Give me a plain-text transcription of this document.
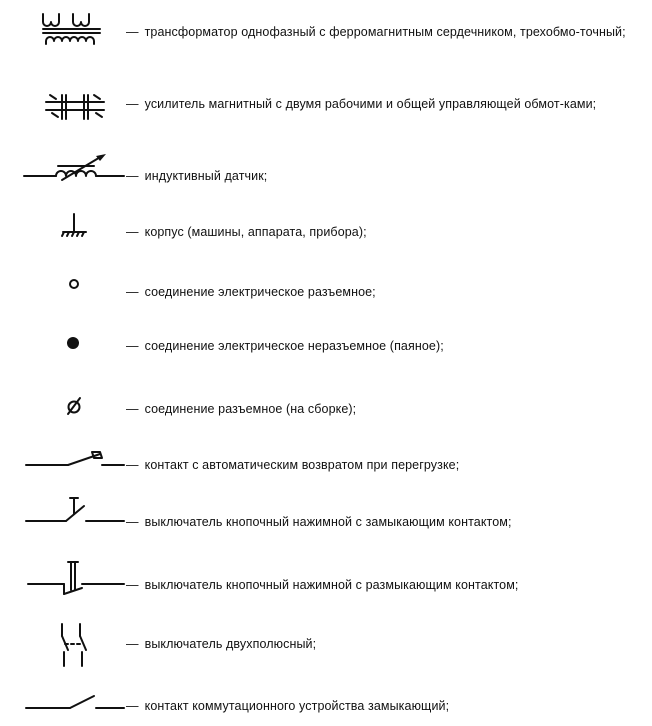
— трансформатор однофазный с ферромагнитным сердечником, трехобмо-точный;
— усилитель магнитный с двумя рабочими и общей управляющей обмот-ками;
— индуктивный датчик;
— корпус (машины, аппарата, прибора);
— соединение электрическое разъемное;
— соединение электрическое неразъемное (паяное);
— соединение разъемное (на сборке);
— контакт с автоматическим возвратом при перегрузке;
— выключатель кнопочный нажимной с замыкающим контактом;
— выключатель кнопочный нажимной с размыкающим контактом;
— выключатель двухполюсный;
— контакт коммутационного устройства замыкающий;
